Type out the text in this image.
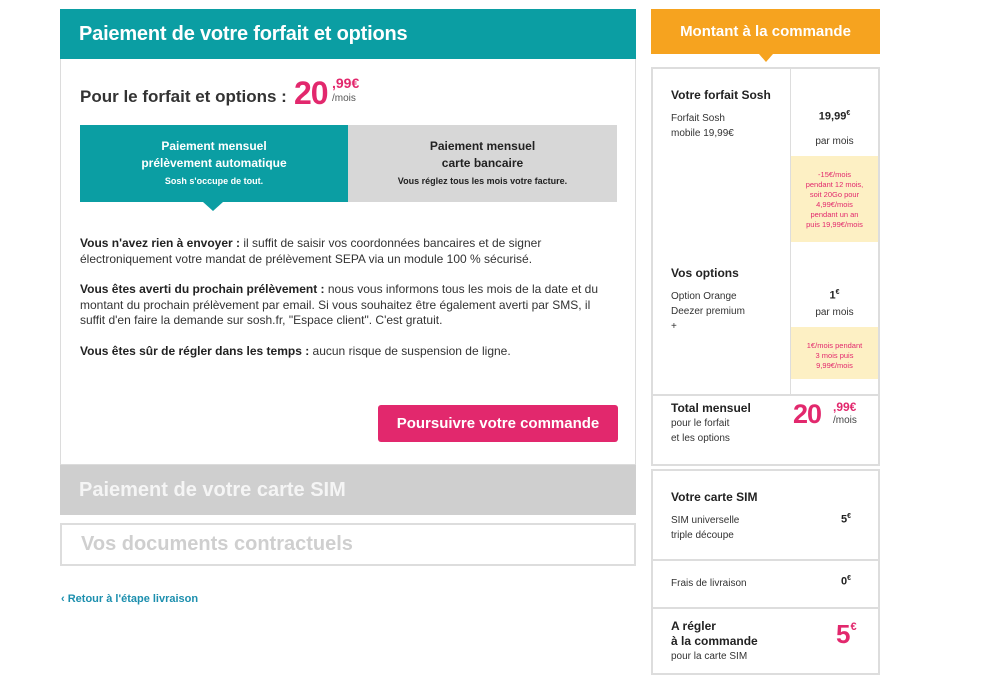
Paiement de votre forfait et options
Pour le forfait et options : 20 ,99€
/mois
Paiement mensuel
prélèvement automatique
Sosh s'occupe de tout.
Paiement mensuel
carte bancaire
Vous réglez tous les mois votre facture.

Vous n'avez rien à envoyer : il suffit de saisir vos coordonnées bancaires et de signer électroniquement votre mandat de prélèvement SEPA via un module 100 % sécurisé.

Vous êtes averti du prochain prélèvement : nous vous informons tous les mois de la date et du montant du prochain prélèvement par email. Si vous souhaitez être également averti par SMS, il suffit d'en faire la demande sur sosh.fr, "Espace client". C'est gratuit.

Vous êtes sûr de régler dans les temps : aucun risque de suspension de ligne.

Poursuivre votre commande
Paiement de votre carte SIM
Vos documents contractuels
‹ Retour à l'étape livraison
Montant à la commande
Votre forfait Sosh
Forfait Sosh
mobile 19,99€
19,99€
par mois
-15€/mois
pendant 12 mois,
soit 20Go pour
4,99€/mois
pendant un an
puis 19,99€/mois
Vos options
Option Orange
Deezer premium
+
1€
par mois
1€/mois pendant
3 mois puis
9,99€/mois
Total mensuel
pour le forfait
et les options
20 ,99€
/mois
Votre carte SIM
SIM universelle
triple découpe
5€
Frais de livraison	0€
A régler
à la commande
pour la carte SIM
5€
